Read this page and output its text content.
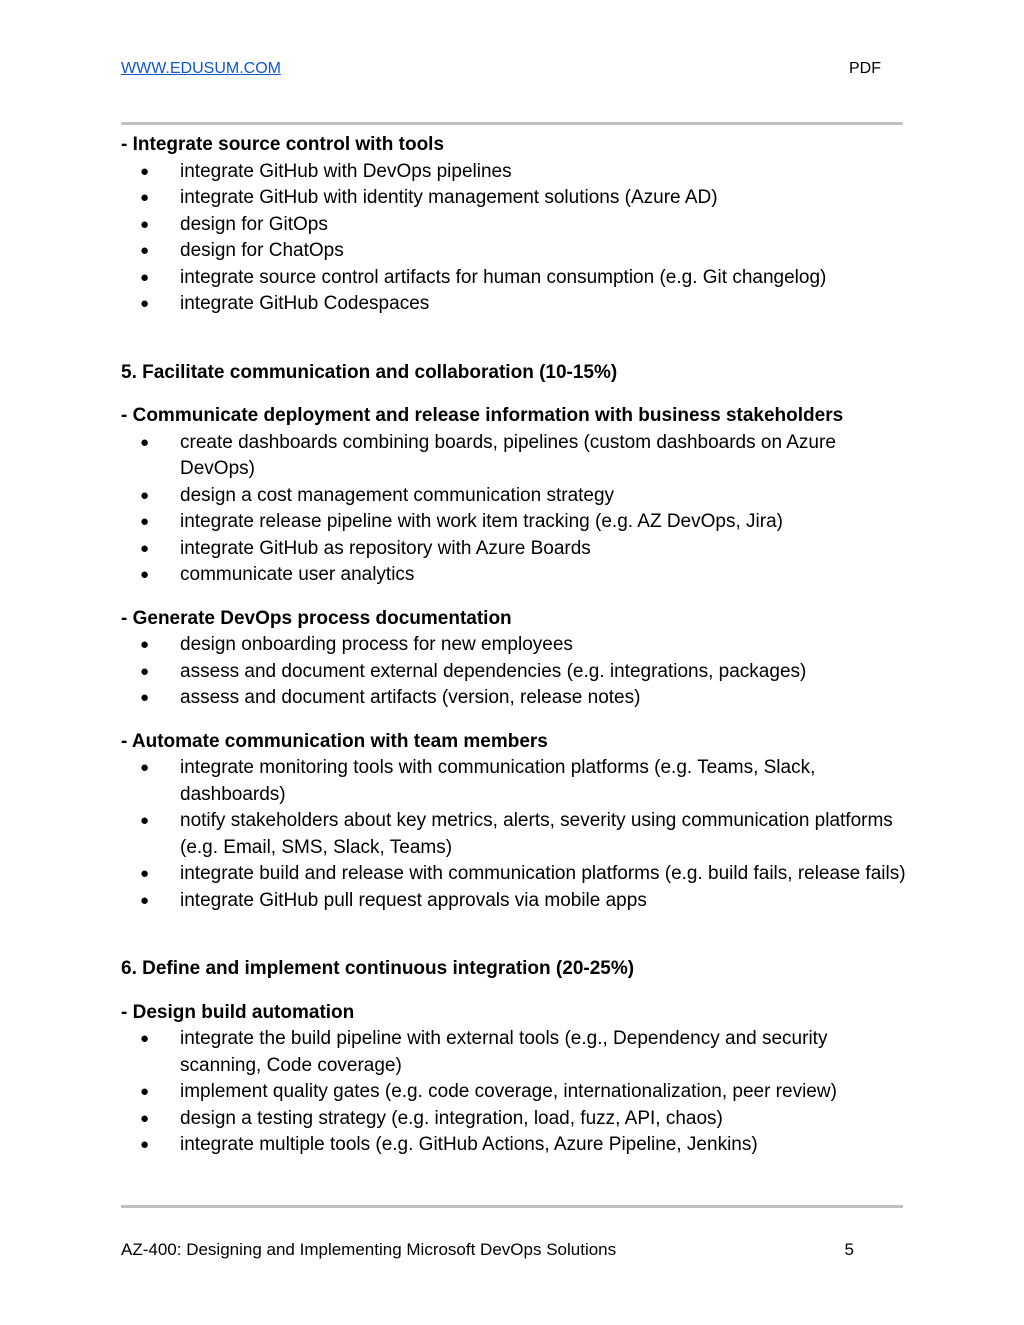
WWW.EDUSUM.COM	PDF
- Integrate source control with tools
● integrate GitHub with DevOps pipelines
● integrate GitHub with identity management solutions (Azure AD)
● design for GitOps
● design for ChatOps
● integrate source control artifacts for human consumption (e.g. Git changelog)
● integrate GitHub Codespaces
5. Facilitate communication and collaboration (10-15%)
- Communicate deployment and release information with business stakeholders
● create dashboards combining boards, pipelines (custom dashboards on Azure DevOps)
● design a cost management communication strategy
● integrate release pipeline with work item tracking (e.g. AZ DevOps, Jira)
● integrate GitHub as repository with Azure Boards
● communicate user analytics
- Generate DevOps process documentation
● design onboarding process for new employees
● assess and document external dependencies (e.g. integrations, packages)
● assess and document artifacts (version, release notes)
- Automate communication with team members
● integrate monitoring tools with communication platforms (e.g. Teams, Slack, dashboards)
● notify stakeholders about key metrics, alerts, severity using communication platforms (e.g. Email, SMS, Slack, Teams)
● integrate build and release with communication platforms (e.g. build fails, release fails)
● integrate GitHub pull request approvals via mobile apps
6. Define and implement continuous integration (20-25%)
- Design build automation
● integrate the build pipeline with external tools (e.g., Dependency and security scanning, Code coverage)
● implement quality gates (e.g. code coverage, internationalization, peer review)
● design a testing strategy (e.g. integration, load, fuzz, API, chaos)
● integrate multiple tools (e.g. GitHub Actions, Azure Pipeline, Jenkins)
AZ-400: Designing and Implementing Microsoft DevOps Solutions	5
